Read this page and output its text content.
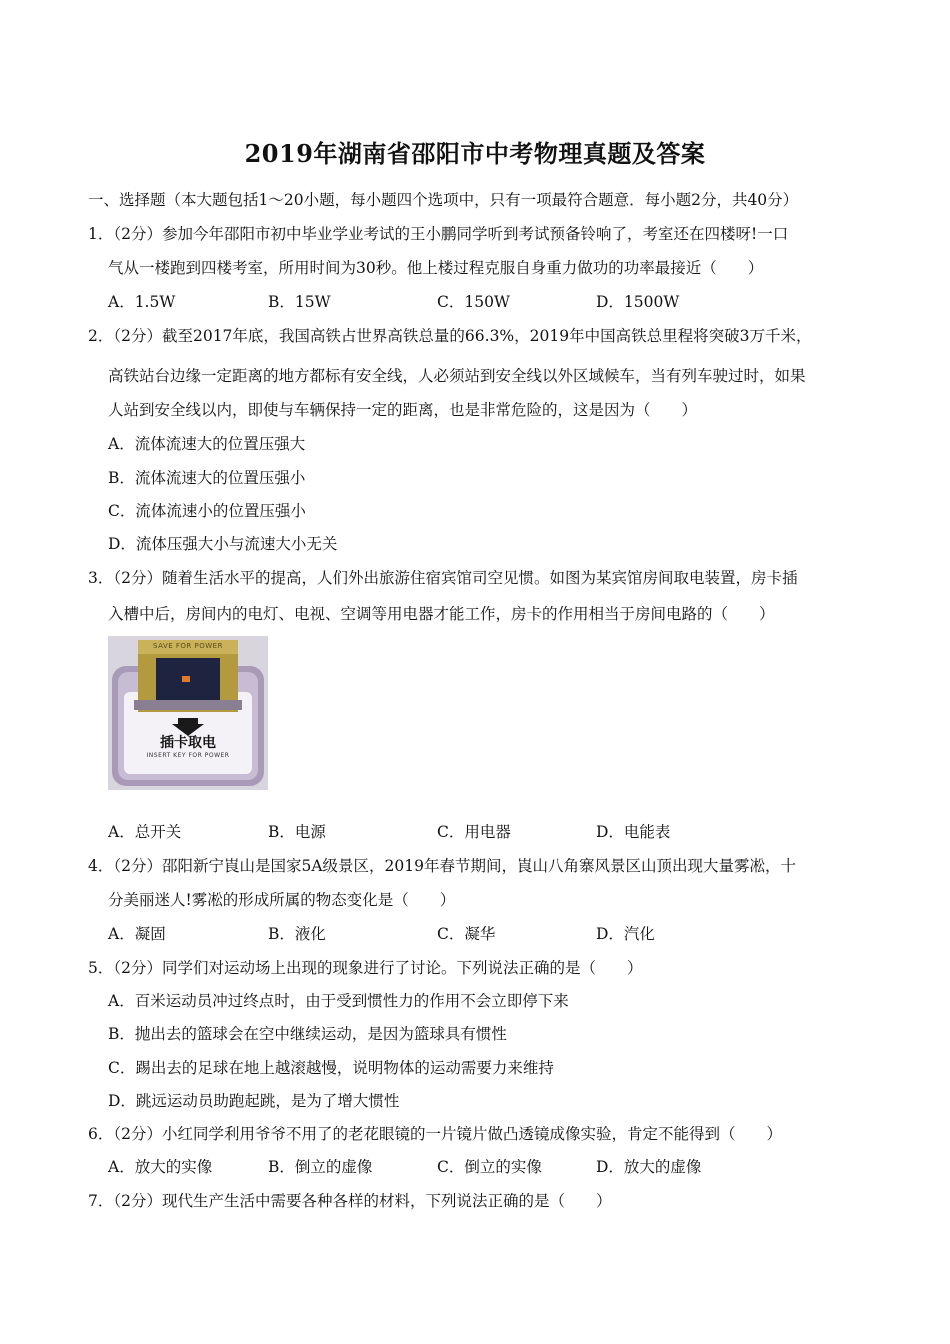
2019年湖南省邵阳市中考物理真题及答案
一、选择题（本大题包括1～20小题，每小题四个选项中，只有一项最符合题意．每小题2分，共40分）
1．（2分）参加今年邵阳市初中毕业学业考试的王小鹏同学听到考试预备铃响了，考室还在四楼呀!一口
气从一楼跑到四楼考室，所用时间为30秒。他上楼过程克服自身重力做功的功率最接近（　　）
A．1.5W	B．15W	C．150W	D．1500W
2．（2分）截至2017年底，我国高铁占世界高铁总量的66.3%，2019年中国高铁总里程将突破3万千米，
高铁站台边缘一定距离的地方都标有安全线，人必须站到安全线以外区域候车，当有列车驶过时，如果
人站到安全线以内，即使与车辆保持一定的距离，也是非常危险的，这是因为（　　）
A．流体流速大的位置压强大
B．流体流速大的位置压强小
C．流体流速小的位置压强小
D．流体压强大小与流速大小无关
3．（2分）随着生活水平的提高，人们外出旅游住宿宾馆司空见惯。如图为某宾馆房间取电装置，房卡插
入槽中后，房间内的电灯、电视、空调等用电器才能工作，房卡的作用相当于房间电路的（　　）
插卡取电
INSERT KEY FOR POWER
SAVE FOR POWER
A．总开关	B．电源	C．用电器	D．电能表
4．（2分）邵阳新宁崀山是国家5A级景区，2019年春节期间，崀山八角寨风景区山顶出现大量雾凇，十
分美丽迷人!雾凇的形成所属的物态变化是（　　）
A．凝固	B．液化	C．凝华	D．汽化
5．（2分）同学们对运动场上出现的现象进行了讨论。下列说法正确的是（　　）
A．百米运动员冲过终点时，由于受到惯性力的作用不会立即停下来
B．抛出去的篮球会在空中继续运动，是因为篮球具有惯性
C．踢出去的足球在地上越滚越慢，说明物体的运动需要力来维持
D．跳远运动员助跑起跳，是为了增大惯性
6．（2分）小红同学利用爷爷不用了的老花眼镜的一片镜片做凸透镜成像实验，肯定不能得到（　　）
A．放大的实像	B．倒立的虚像	C．倒立的实像	D．放大的虚像
7．（2分）现代生产生活中需要各种各样的材料，下列说法正确的是（　　）
